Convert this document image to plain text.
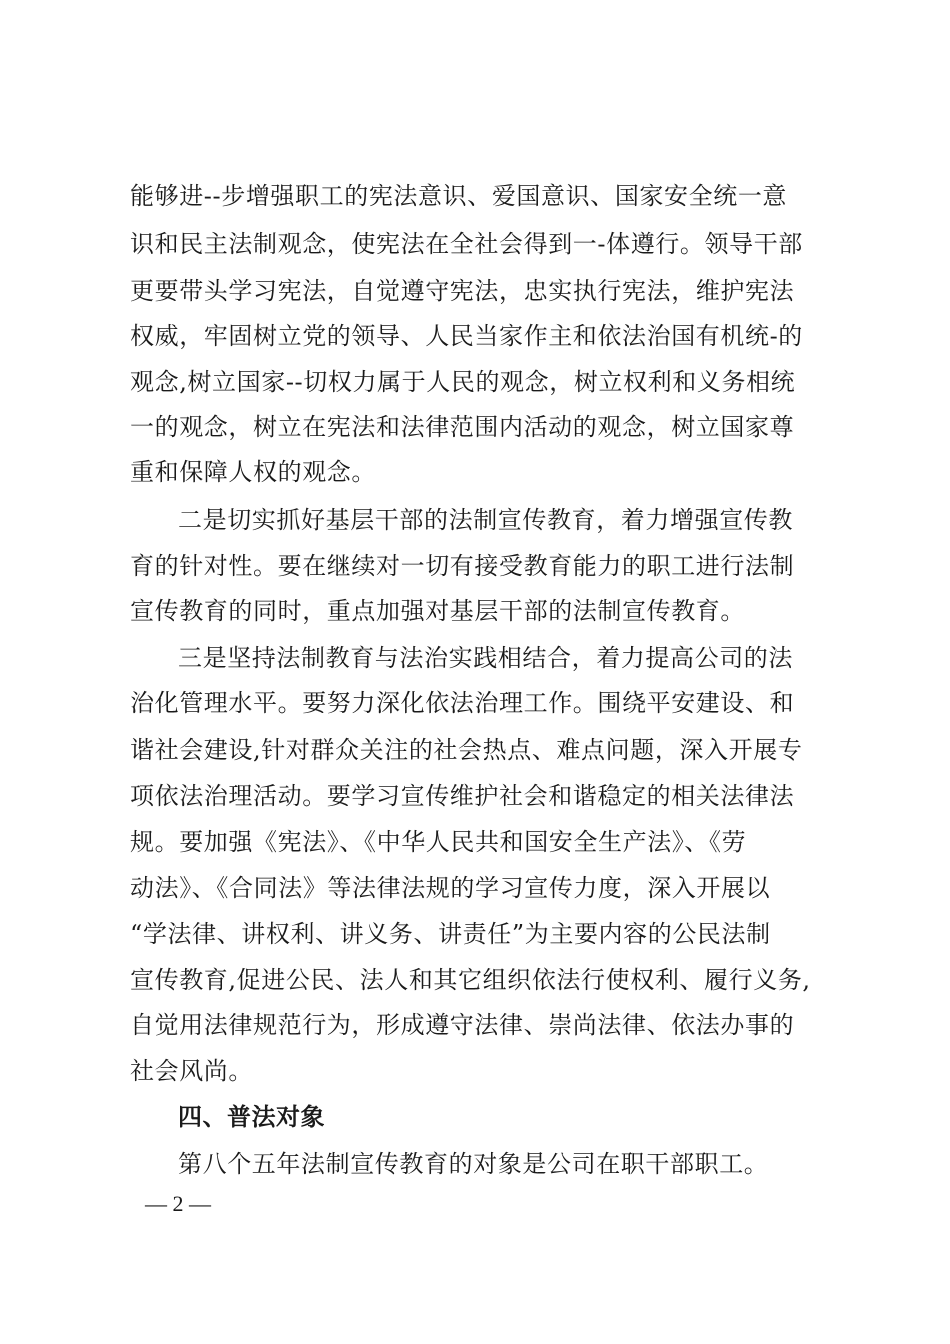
能够进--步增强职工的宪法意识、爱国意识、国家安全统一意
识和民主法制观念，使宪法在全社会得到一-体遵行。领导干部
更要带头学习宪法，自觉遵守宪法，忠实执行宪法，维护宪法
权威，牢固树立党的领导、人民当家作主和依法治国有机统-的
观念,树立国家--切权力属于人民的观念，树立权利和义务相统
一的观念，树立在宪法和法律范围内活动的观念，树立国家尊
重和保障人权的观念。
二是切实抓好基层干部的法制宣传教育，着力增强宣传教
育的针对性。要在继续对一切有接受教育能力的职工进行法制
宣传教育的同时，重点加强对基层干部的法制宣传教育。
三是坚持法制教育与法治实践相结合，着力提高公司的法
治化管理水平。要努力深化依法治理工作。围绕平安建设、和
谐社会建设,针对群众关注的社会热点、难点问题，深入开展专
项依法治理活动。要学习宣传维护社会和谐稳定的相关法律法
规。要加强《宪法》、《中华人民共和国安全生产法》、《劳
动法》、《合同法》等法律法规的学习宣传力度，深入开展以
“学法律、讲权利、讲义务、讲责任”为主要内容的公民法制
宣传教育,促进公民、法人和其它组织依法行使权利、履行义务,
自觉用法律规范行为，形成遵守法律、崇尚法律、依法办事的
社会风尚。
四、普法对象
第八个五年法制宣传教育的对象是公司在职干部职工。
— 2 —
